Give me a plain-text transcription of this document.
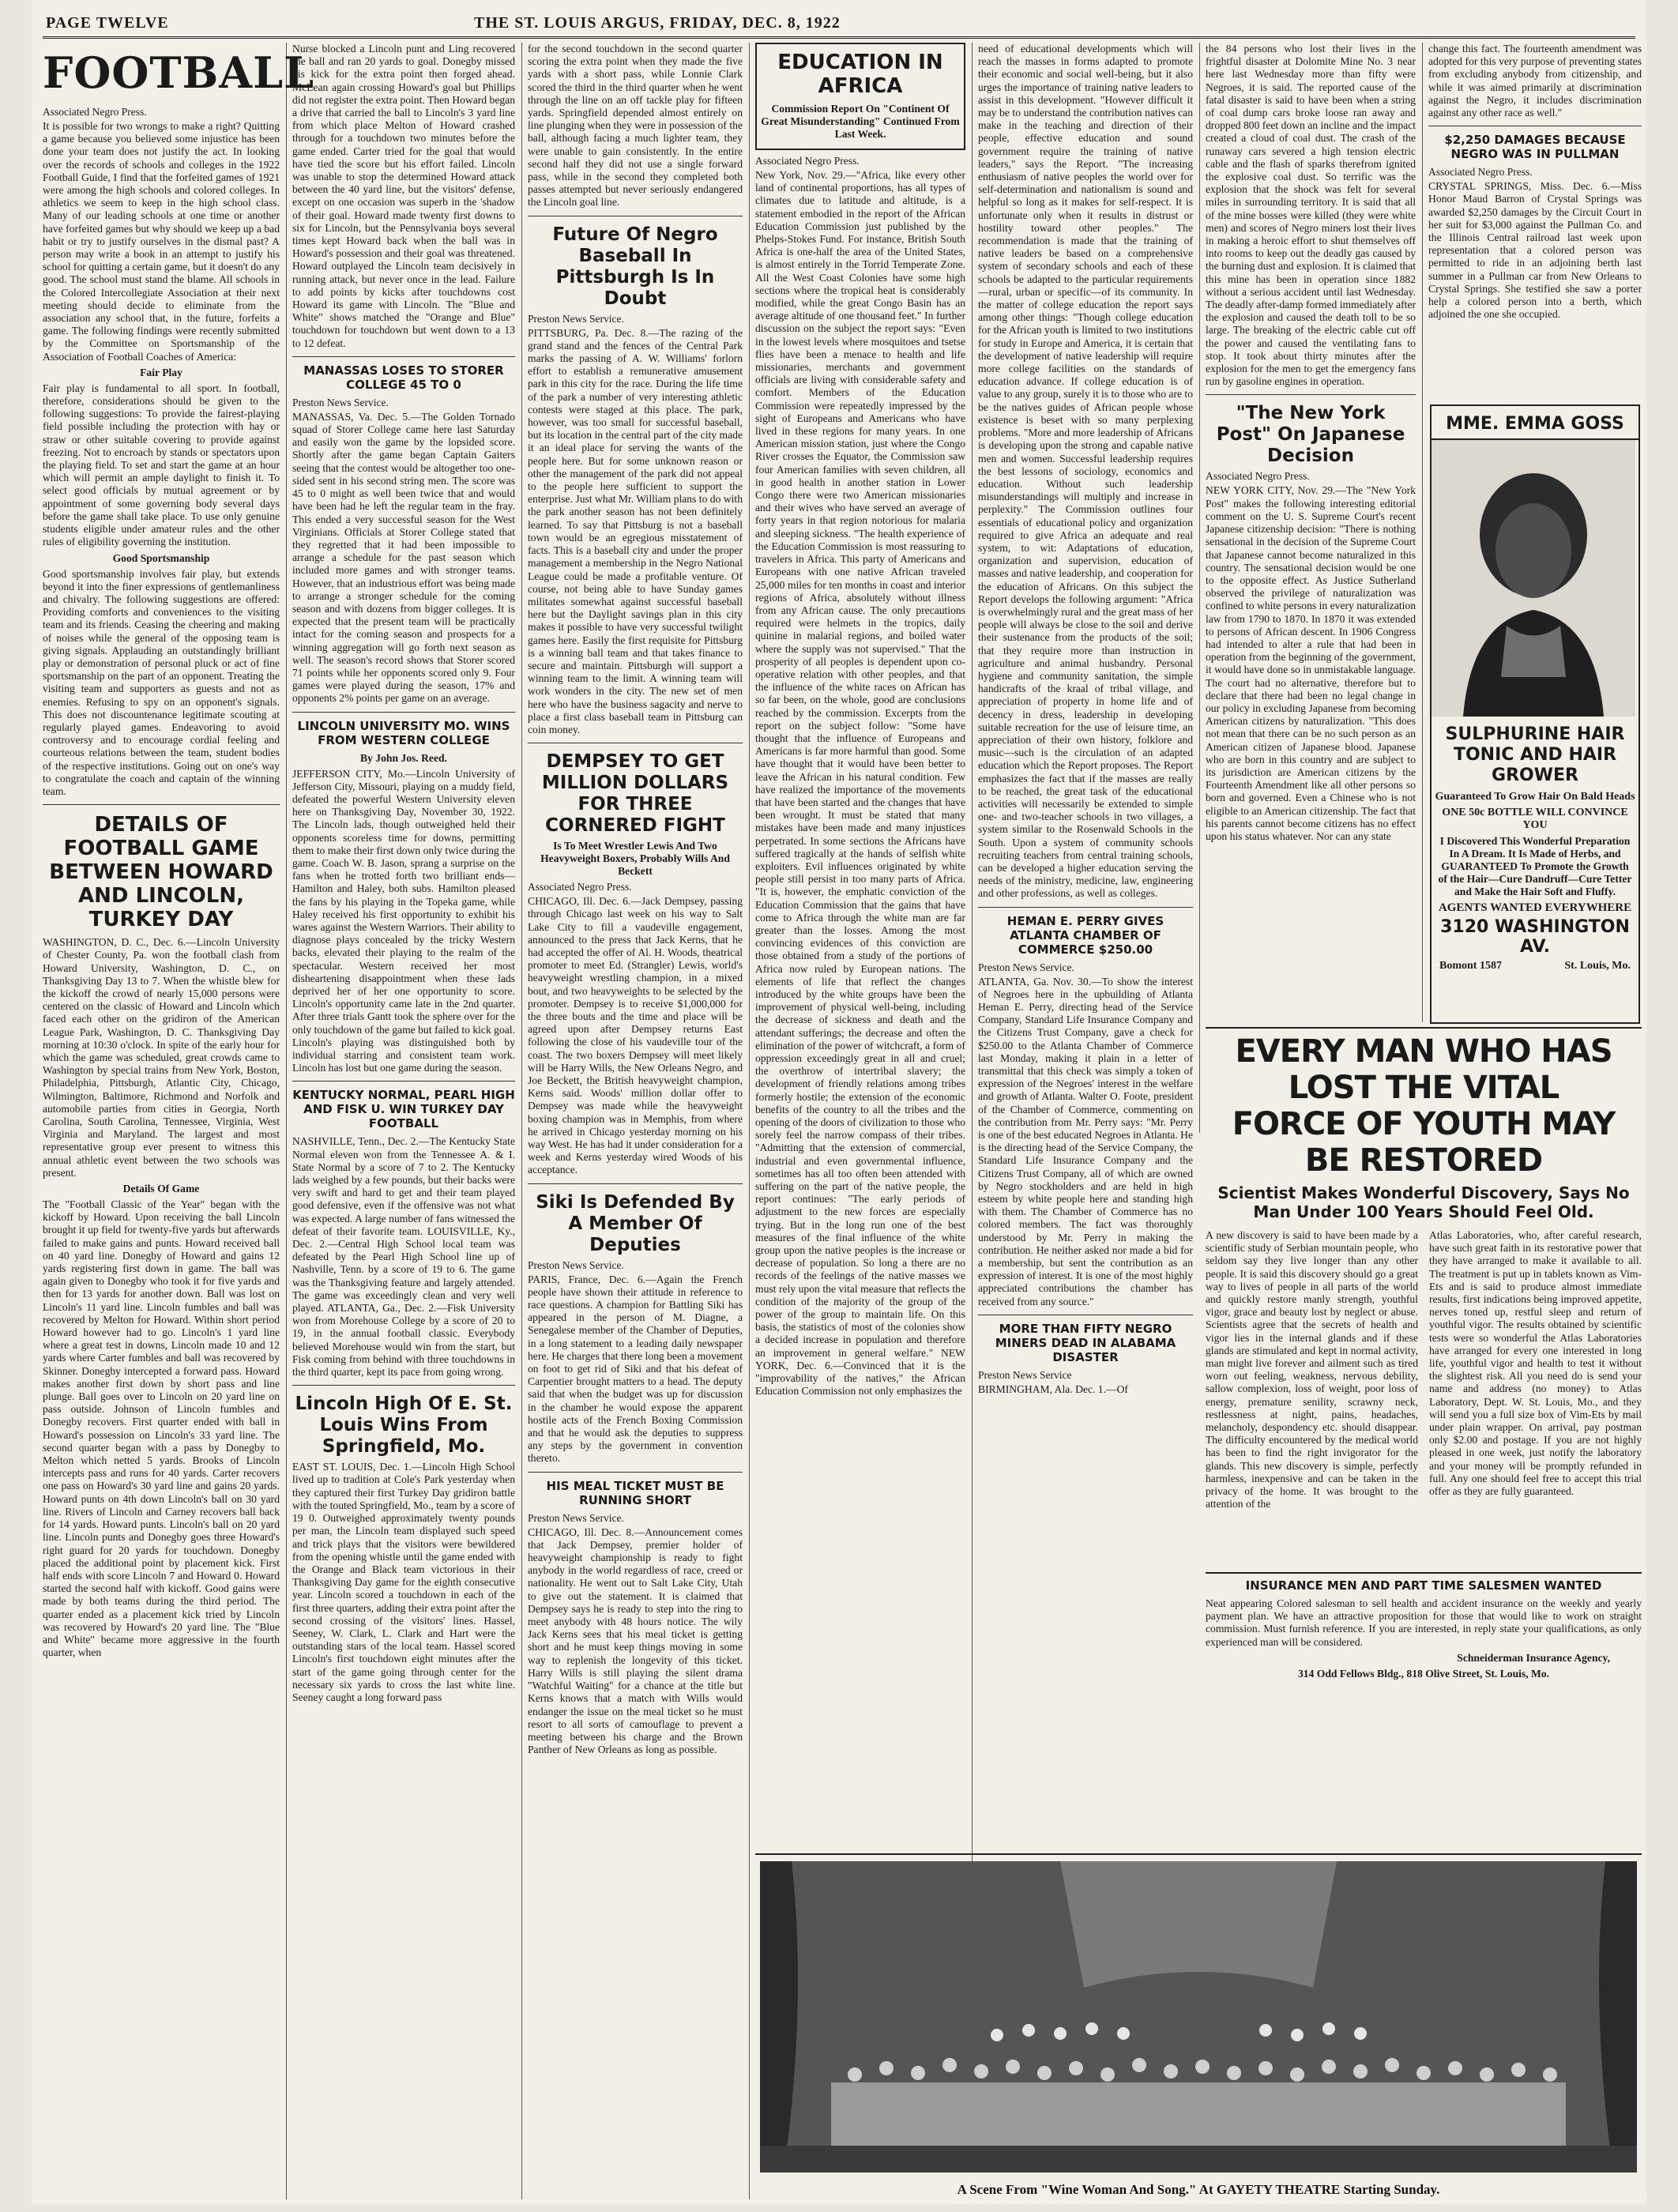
PAGE TWELVE	THE ST. LOUIS ARGUS, FRIDAY, DEC. 8, 1922
FOOTBALL
Associated Negro Press.
It is possible for two wrongs to make a right? Quitting a game because you believed some injustice has been done your team does not justify the act. In looking over the records of schools and colleges in the 1922 Football Guide, I find that the forfeited games of 1921 were among the high schools and colored colleges. In athletics we seem to keep in the high school class. Many of our leading schools at one time or another have forfeited games but why should we keep up a bad habit or try to justify ourselves in the dismal past? A person may write a book in an attempt to justify his school for quitting a certain game, but it doesn't do any good. The school must stand the blame. All schools in the Colored Intercollegiate Association at their next meeting should decide to eliminate from the association any school that, in the future, forfeits a game. The following findings were recently submitted by the Committee on Sportsmanship of the Association of Football Coaches of America:
Fair Play
Fair play is fundamental to all sport. In football, therefore, considerations should be given to the following suggestions: To provide the fairest-playing field possible including the protection with hay or straw or other suitable covering to provide against freezing. Not to encroach by stands or spectators upon the playing field. To set and start the game at an hour which will permit an ample daylight to finish it. To select good officials by mutual agreement or by appointment of some governing body several days before the game shall take place. To use only genuine students eligible under amateur rules and the other rules of eligibility governing the institution.
Good Sportsmanship
Good sportsmanship involves fair play, but extends beyond it into the finer expressions of gentlemanliness and chivalry. The following suggestions are offered: Providing comforts and conveniences to the visiting team and its friends. Ceasing the cheering and making of noises while the general of the opposing team is giving signals. Applauding an outstandingly brilliant play or demonstration of personal pluck or act of fine sportsmanship on the part of an opponent. Treating the visiting team and supporters as guests and not as enemies. Refusing to spy on an opponent's signals. This does not discountenance legitimate scouting at regularly played games. Endeavoring to avoid controversy and to encourage cordial feeling and courteous relations between the team, student bodies of the respective institutions. Going out on one's way to congratulate the coach and captain of the winning team.
DETAILS OF FOOTBALL GAME BETWEEN HOWARD AND LINCOLN, TURKEY DAY
WASHINGTON, D. C., Dec. 6.—Lincoln University of Chester County, Pa. won the football clash from Howard University, Washington, D. C., on Thanksgiving Day 13 to 7. When the whistle blew for the kickoff the crowd of nearly 15,000 persons were centered on the classic of Howard and Lincoln which faced each other on the gridiron of the American League Park, Washington, D. C. Thanksgiving Day morning at 10:30 o'clock. In spite of the early hour for which the game was scheduled, great crowds came to Washington by special trains from New York, Boston, Philadelphia, Pittsburgh, Atlantic City, Chicago, Wilmington, Baltimore, Richmond and Norfolk and automobile parties from cities in Georgia, North Carolina, South Carolina, Tennessee, Virginia, West Virginia and Maryland. The largest and most representative group ever present to witness this annual athletic event between the two schools was present.
Details Of Game
The "Football Classic of the Year" began with the kickoff by Howard. Upon receiving the ball Lincoln brought it up field for twenty-five yards but afterwards failed to make gains and punts. Howard received ball on 40 yard line. Donegby of Howard and gains 12 yards registering first down in game. The ball was again given to Donegby who took it for five yards and then for 13 yards for another down. Ball was lost on Lincoln's 11 yard line. Lincoln fumbles and ball was recovered by Melton for Howard. Within short period Howard however had to go. Lincoln's 1 yard line where a great test in downs, Lincoln made 10 and 12 yards where Carter fumbles and ball was recovered by Skinner. Donegby intercepted a forward pass. Howard makes another first down by short pass and line plunge. Ball goes over to Lincoln on 20 yard line on pass outside. Johnson of Lincoln fumbles and Donegby recovers. First quarter ended with ball in Howard's possession on Lincoln's 33 yard line. The second quarter began with a pass by Donegby to Melton which netted 5 yards. Brooks of Lincoln intercepts pass and runs for 40 yards. Carter recovers one pass on Howard's 30 yard line and gains 20 yards. Howard punts on 4th down Lincoln's ball on 30 yard line. Rivers of Lincoln and Carney recovers ball back for 14 yards. Howard punts. Lincoln's ball on 20 yard line. Lincoln punts and Donegby goes three Howard's right guard for 20 yards for touchdown. Donegby placed the additional point by placement kick. First half ends with score Lincoln 7 and Howard 0. Howard started the second half with kickoff. Good gains were made by both teams during the third period. The quarter ended as a placement kick tried by Lincoln was recovered by Howard's 20 yard line. The "Blue and White" became more aggressive in the fourth quarter, when
Nurse blocked a Lincoln punt and Ling recovered the ball and ran 20 yards to goal. Donegby missed his kick for the extra point then forged ahead. McLean again crossing Howard's goal but Phillips did not register the extra point. Then Howard began a drive that carried the ball to Lincoln's 3 yard line from which place Melton of Howard crashed through for a touchdown two minutes before the game ended. Carter tried for the goal that would have tied the score but his effort failed. Lincoln was unable to stop the determined Howard attack between the 40 yard line, but the visitors' defense, except on one occasion was superb in the 'shadow of their goal. Howard made twenty first downs to six for Lincoln, but the Pennsylvania boys several times kept Howard back when the ball was in Howard's possession and their goal was threatened. Howard outplayed the Lincoln team decisively in running attack, but never once in the lead. Failure to add points by kicks after touchdowns cost Howard its game with Lincoln. The "Blue and White" shows matched the "Orange and Blue" touchdown for touchdown but went down to a 13 to 12 defeat.
MANASSAS LOSES TO STORER COLLEGE 45 TO 0
Preston News Service.
MANASSAS, Va. Dec. 5.—The Golden Tornado squad of Storer College came here last Saturday and easily won the game by the lopsided score. Shortly after the game began Captain Gaiters seeing that the contest would be altogether too one-sided sent in his second string men. The score was 45 to 0 might as well been twice that and would have been had he left the regular team in the fray. This ended a very successful season for the West Virginians. Officials at Storer College stated that they regretted that it had been impossible to arrange a schedule for the past season which included more games and with stronger teams. However, that an industrious effort was being made to arrange a stronger schedule for the coming season and with dozens from bigger colleges. It is expected that the present team will be practically intact for the coming season and prospects for a winning aggregation will go forth next season as well. The season's record shows that Storer scored 71 points while her opponents scored only 9. Four games were played during the season, 17% and opponents 2% points per game on an average.
LINCOLN UNIVERSITY MO. WINS FROM WESTERN COLLEGE
By John Jos. Reed.
JEFFERSON CITY, Mo.—Lincoln University of Jefferson City, Missouri, playing on a muddy field, defeated the powerful Western University eleven here on Thanksgiving Day, November 30, 1922. The Lincoln lads, though outweighed held their opponents scoreless time for downs, permitting them to make their first down only twice during the game. Coach W. B. Jason, sprang a surprise on the fans when he trotted forth two brilliant ends—Hamilton and Haley, both subs. Hamilton pleased the fans by his playing in the Topeka game, while Haley received his first opportunity to exhibit his wares against the Western Warriors. Their ability to diagnose plays concealed by the tricky Western backs, elevated their playing to the realm of the spectacular. Western received her most disheartening disappointment when these lads deprived her of her one opportunity to score. Lincoln's opportunity came late in the 2nd quarter. After three trials Gantt took the sphere over for the only touchdown of the game but failed to kick goal. Lincoln's playing was distinguished both by individual starring and consistent team work. Lincoln has lost but one game during the season.
KENTUCKY NORMAL, PEARL HIGH AND FISK U. WIN TURKEY DAY FOOTBALL
NASHVILLE, Tenn., Dec. 2.—The Kentucky State Normal eleven won from the Tennessee A. & I. State Normal by a score of 7 to 2. The Kentucky lads weighed by a few pounds, but their backs were very swift and hard to get and their team played good defensive, even if the offensive was not what was expected. A large number of fans witnessed the defeat of their favorite team. LOUISVILLE, Ky., Dec. 2.—Central High School local team was defeated by the Pearl High School line up of Nashville, Tenn. by a score of 19 to 6. The game was the Thanksgiving feature and largely attended. The game was exceedingly clean and very well played. ATLANTA, Ga., Dec. 2.—Fisk University won from Morehouse College by a score of 20 to 19, in the annual football classic. Everybody believed Morehouse would win from the start, but Fisk coming from behind with three touchdowns in the third quarter, kept its pace from going wrong.
Lincoln High Of E. St. Louis Wins From Springfield, Mo.
EAST ST. LOUIS, Dec. 1.—Lincoln High School lived up to tradition at Cole's Park yesterday when they captured their first Turkey Day gridiron battle with the touted Springfield, Mo., team by a score of 19 0. Outweighed approximately twenty pounds per man, the Lincoln team displayed such speed and trick plays that the visitors were bewildered from the opening whistle until the game ended with the Orange and Black team victorious in their Thanksgiving Day game for the eighth consecutive year. Lincoln scored a touchdown in each of the first three quarters, adding their extra point after the second crossing of the visitors' lines. Hassel, Seeney, W. Clark, L. Clark and Hart were the outstanding stars of the local team. Hassel scored Lincoln's first touchdown eight minutes after the start of the game going through center for the necessary six yards to cross the last white line. Seeney caught a long forward pass
for the second touchdown in the second quarter scoring the extra point when they made the five yards with a short pass, while Lonnie Clark scored the third in the third quarter when he went through the line on an off tackle play for fifteen yards. Springfield depended almost entirely on line plunging when they were in possession of the ball, although facing a much lighter team, they were unable to gain consistently. In the entire second half they did not use a single forward pass, while in the second they completed both passes attempted but never seriously endangered the Lincoln goal line.
Future Of Negro Baseball In Pittsburgh Is In Doubt
Preston News Service.
PITTSBURG, Pa. Dec. 8.—The razing of the grand stand and the fences of the Central Park marks the passing of A. W. Williams' forlorn effort to establish a remunerative amusement park in this city for the race. During the life time of the park a number of very interesting athletic contests were staged at this place. The park, however, was too small for successful baseball, but its location in the central part of the city made it an ideal place for serving the wants of the people here. But for some unknown reason or other the management of the park did not appeal to the people here sufficient to support the enterprise. Just what Mr. William plans to do with the park another season has not been definitely learned. To say that Pittsburg is not a baseball town would be an egregious misstatement of facts. This is a baseball city and under the proper management a membership in the Negro National League could be made a profitable venture. Of course, not being able to have Sunday games militates somewhat against successful baseball here but the Daylight savings plan in this city makes it possible to have very successful twilight games here. Easily the first requisite for Pittsburg is a winning ball team and that takes finance to secure and maintain. Pittsburgh will support a winning team to the limit. A winning team will work wonders in the city. The new set of men here who have the business sagacity and nerve to place a first class baseball team in Pittsburg can coin money.
DEMPSEY TO GET MILLION DOLLARS FOR THREE CORNERED FIGHT
Is To Meet Wrestler Lewis And Two Heavyweight Boxers, Probably Wills And Beckett
Associated Negro Press.
CHICAGO, Ill. Dec. 6.—Jack Dempsey, passing through Chicago last week on his way to Salt Lake City to fill a vaudeville engagement, announced to the press that Jack Kerns, that he had accepted the offer of Al. H. Woods, theatrical promoter to meet Ed. (Strangler) Lewis, world's heavyweight wrestling champion, in a mixed bout, and two heavyweights to be selected by the promoter. Dempsey is to receive $1,000,000 for the three bouts and the time and place will be agreed upon after Dempsey returns East following the close of his vaudeville tour of the coast. The two boxers Dempsey will meet likely will be Harry Wills, the New Orleans Negro, and Joe Beckett, the British heavyweight champion, Kerns said. Woods' million dollar offer to Dempsey was made while the heavyweight boxing champion was in Memphis, from where he arrived in Chicago yesterday morning on his way West. He has had it under consideration for a week and Kerns yesterday wired Woods of his acceptance.
Siki Is Defended By A Member Of Deputies
Preston News Service.
PARIS, France, Dec. 6.—Again the French people have shown their attitude in reference to race questions. A champion for Battling Siki has appeared in the person of M. Diagne, a Senegalese member of the Chamber of Deputies, in a long statement to a leading daily newspaper here. He charges that there long been a movement on foot to get rid of Siki and that his defeat of Carpentier brought matters to a head. The deputy said that when the budget was up for discussion in the chamber he would expose the apparent hostile acts of the French Boxing Commission and that he would ask the deputies to suppress any steps by the government in convention thereto.
HIS MEAL TICKET MUST BE RUNNING SHORT
Preston News Service.
CHICAGO, Ill. Dec. 8.—Announcement comes that Jack Dempsey, premier holder of heavyweight championship is ready to fight anybody in the world regardless of race, creed or nationality. He went out to Salt Lake City, Utah to give out the statement. It is claimed that Dempsey says he is ready to step into the ring to meet anybody with 48 hours notice. The wily Jack Kerns sees that his meal ticket is getting short and he must keep things moving in some way to replenish the longevity of this ticket. Harry Wills is still playing the silent drama "Watchful Waiting" for a chance at the title but Kerns knows that a match with Wills would endanger the issue on the meal ticket so he must resort to all sorts of camouflage to prevent a meeting between his charge and the Brown Panther of New Orleans as long as possible.
EDUCATION IN AFRICA
Commission Report On "Continent Of Great Misunderstanding" Continued From Last Week.
Associated Negro Press.
New York, Nov. 29.—"Africa, like every other land of continental proportions, has all types of climates due to latitude and altitude, is a statement embodied in the report of the African Education Commission just published by the Phelps-Stokes Fund. For instance, British South Africa is one-half the area of the United States, is almost entirely in the Torrid Temperate Zone. All the West Coast Colonies have some high sections where the tropical heat is considerably modified, while the great Congo Basin has an average altitude of one thousand feet." In further discussion on the subject the report says: "Even in the lowest levels where mosquitoes and tsetse flies have been a menace to health and life missionaries, merchants and government officials are living with considerable safety and comfort. Members of the Education Commission were repeatedly impressed by the sight of Europeans and Americans who have lived in these regions for many years. In one American mission station, just where the Congo River crosses the Equator, the Commission saw four American families with seven children, all in good health in another station in Lower Congo there were two American missionaries and their wives who have served an average of forty years in that region notorious for malaria and sleeping sickness. "The health experience of the Education Commission is most reassuring to travelers in Africa. This party of Americans and Europeans with one native African traveled 25,000 miles for ten months in coast and interior regions of Africa, absolutely without illness from any African cause. The only precautions required were helmets in the tropics, daily quinine in malarial regions, and boiled water where the supply was not supervised." That the prosperity of all peoples is dependent upon co-operative relation with other peoples, and that the influence of the white races on African has so far been, on the whole, good are conclusions reached by the commission. Excerpts from the report on the subject follow: "Some have thought that the influence of Europeans and Americans is far more harmful than good. Some have thought that it would have been better to leave the African in his natural condition. Few have realized the importance of the movements that have been started and the changes that have been wrought. It must be stated that many mistakes have been made and many injustices perpetrated. In some sections the Africans have suffered tragically at the hands of selfish white exploiters. Evil influences originated by white people still persist in too many parts of Africa. "It is, however, the emphatic conviction of the Education Commission that the gains that have come to Africa through the white man are far greater than the losses. Among the most convincing evidences of this conviction are those obtained from a study of the portions of Africa now ruled by European nations. The elements of life that reflect the changes introduced by the white groups have been the improvement of physical well-being, including the decrease of sickness and death and the attendant sufferings; the decrease and often the elimination of the power of witchcraft, a form of oppression exceedingly great in all and cruel; the overthrow of intertribal slavery; the development of friendly relations among tribes formerly hostile; the extension of the economic benefits of the country to all the tribes and the opening of the doors of civilization to those who sorely feel the narrow compass of their tribes. "Admitting that the extension of commercial, industrial and even governmental influence, sometimes has all too often been attended with suffering on the part of the native people, the report continues: "The early periods of adjustment to the new forces are especially trying. But in the long run one of the best measures of the final influence of the white group upon the native peoples is the increase or decrease of population. So long a there are no records of the feelings of the native masses we must rely upon the vital measure that reflects the condition of the majority of the group of the power of the group to maintain life. On this basis, the statistics of most of the colonies show a decided increase in population and therefore an improvement in general welfare." NEW YORK, Dec. 6.—Convinced that it is the "improvability of the natives," the African Education Commission not only emphasizes the
need of educational developments which will reach the masses in forms adapted to promote their economic and social well-being, but it also urges the importance of training native leaders to assist in this development. "However difficult it may be to understand the contribution natives can make in the teaching and direction of their people, effective education and sound government require the training of native leaders," says the Report. "The increasing enthusiasm of native peoples the world over for self-determination and nationalism is sound and helpful so long as it makes for self-respect. It is unfortunate only when it results in distrust or hostility toward other peoples." The recommendation is made that the training of native leaders be based on a comprehensive system of secondary schools and each of these schools be adapted to the particular requirements—rural, urban or specific—of its community. In the matter of college education the report says among other things: "Though college education for the African youth is limited to two institutions for study in Europe and America, it is certain that the development of native leadership will require more college facilities on the standards of education advance. If college education is of value to any group, surely it is to those who are to be the natives guides of African people whose existence is beset with so many perplexing problems. "More and more leadership of Africans is developing upon the strong and capable native men and women. Successful leadership requires the best lessons of sociology, economics and education. Without such leadership misunderstandings will multiply and increase in perplexity." The Commission outlines four essentials of educational policy and organization required to give Africa an adequate and real system, to wit: Adaptations of education, organization and supervision, education of masses and native leadership, and cooperation for the education of Africans. On this subject the Report develops the following argument: "Africa is overwhelmingly rural and the great mass of her people will always be close to the soil and derive their sustenance from the products of the soil; that they require more than instruction in agriculture and animal husbandry. Personal hygiene and community sanitation, the simple handicrafts of the kraal of tribal village, and appreciation of property in home life and of decency in dress, leadership in developing suitable recreation for the use of leisure time, an appreciation of their own history, folklore and music—such is the circulation of an adapted education which the Report proposes. The Report emphasizes the fact that if the masses are really to be reached, the great task of the educational activities will necessarily be extended to simple one- and two-teacher schools in two villages, a system similar to the Rosenwald Schools in the South. Upon a system of community schools recruiting teachers from central training schools, can be developed a higher education serving the needs of the ministry, medicine, law, engineering and other professions, as well as colleges.
HEMAN E. PERRY GIVES ATLANTA CHAMBER OF COMMERCE $250.00
Preston News Service.
ATLANTA, Ga. Nov. 30.—To show the interest of Negroes here in the upbuilding of Atlanta Heman E. Perry, directing head of the Service Company, Standard Life Insurance Company and the Citizens Trust Company, gave a check for $250.00 to the Atlanta Chamber of Commerce last Monday, making it plain in a letter of transmittal that this check was simply a token of expression of the Negroes' interest in the welfare and growth of Atlanta. Walter O. Foote, president of the Chamber of Commerce, commenting on the contribution from Mr. Perry says: "Mr. Perry is one of the best educated Negroes in Atlanta. He is the directing head of the Service Company, the Standard Life Insurance Company and the Citizens Trust Company, all of which are owned by Negro stockholders and are held in high esteem by white people here and standing high with them. The Chamber of Commerce has no colored members. The fact was thoroughly understood by Mr. Perry in making the contribution. He neither asked nor made a bid for a membership, but sent the contribution as an expression of interest. It is one of the most highly appreciated contributions the chamber has received from any source."
MORE THAN FIFTY NEGRO MINERS DEAD IN ALABAMA DISASTER
Preston News Service
BIRMINGHAM, Ala. Dec. 1.—Of
the 84 persons who lost their lives in the frightful disaster at Dolomite Mine No. 3 near here last Wednesday more than fifty were Negroes, it is said. The reported cause of the fatal disaster is said to have been when a string of coal dump cars broke loose ran away and dropped 800 feet down an incline and the impact created a cloud of coal dust. The crash of the runaway cars severed a high tension electric cable and the flash of sparks therefrom ignited the explosive coal dust. So terrific was the explosion that the shock was felt for several miles in surrounding territory. It is said that all of the mine bosses were killed (they were white men) and scores of Negro miners lost their lives in making a heroic effort to shut themselves off into rooms to keep out the deadly gas caused by the burning dust and explosion. It is claimed that this mine has been in operation since 1882 without a serious accident until last Wednesday. The deadly after-damp formed immediately after the explosion and caused the death toll to be so large. The breaking of the electric cable cut off the power and caused the ventilating fans to stop. It took about thirty minutes after the explosion for the men to get the emergency fans run by gasoline engines in operation.
"The New York Post" On Japanese Decision
Associated Negro Press.
NEW YORK CITY, Nov. 29.—The "New York Post" makes the following interesting editorial comment on the U. S. Supreme Court's recent Japanese citizenship decision: "There is nothing sensational in the decision of the Supreme Court that Japanese cannot become naturalized in this country. The sensational decision would be one to the opposite effect. As Justice Sutherland observed the privilege of naturalization was confined to white persons in every naturalization law from 1790 to 1870. In 1870 it was extended to persons of African descent. In 1906 Congress had intended to alter a rule that had been in operation from the beginning of the government, it would have done so in unmistakable language. The court had no alternative, therefore but to declare that there had been no legal change in our policy in excluding Japanese from becoming American citizens by naturalization. "This does not mean that there can be no such person as an American citizen of Japanese blood. Japanese who are born in this country and are subject to its jurisdiction are American citizens by the Fourteenth Amendment like all other persons so born and governed. Even a Chinese who is not eligible to an American citizenship. The fact that his parents cannot become citizens has no effect upon his status whatever. Nor can any state
change this fact. The fourteenth amendment was adopted for this very purpose of preventing states from excluding anybody from citizenship, and while it was aimed primarily at discrimination against the Negro, it includes discrimination against any other race as well."
$2,250 DAMAGES BECAUSE NEGRO WAS IN PULLMAN
Associated Negro Press.
CRYSTAL SPRINGS, Miss. Dec. 6.—Miss Honor Maud Barron of Crystal Springs was awarded $2,250 damages by the Circuit Court in her suit for $3,000 against the Pullman Co. and the Illinois Central railroad last week upon representation that a colored person was permitted to ride in an adjoining berth last summer in a Pullman car from New Orleans to Crystal Springs. She testified she saw a porter help a colored person into a berth, which adjoined the one she occupied.
MME. EMMA GOSS
SULPHURINE HAIR TONIC AND HAIR GROWER
Guaranteed To Grow Hair On Bald Heads
ONE 50c BOTTLE WILL CONVINCE YOU
I Discovered This Wonderful Preparation In A Dream. It Is Made of Herbs, and GUARANTEED To Promote the Growth of the Hair—Cure Dandruff—Cure Tetter and Make the Hair Soft and Fluffy.
AGENTS WANTED EVERYWHERE
3120 WASHINGTON AV.
Bomont 1587	St. Louis, Mo.
EVERY MAN WHO HAS LOST THE VITAL
FORCE OF YOUTH MAY BE RESTORED
Scientist Makes Wonderful Discovery, Says No Man Under 100 Years Should Feel Old.
A new discovery is said to have been made by a scientific study of Serbian mountain people, who seldom say they live longer than any other people. It is said this discovery should go a great way to lives of people in all parts of the world and quickly restore manly strength, youthful vigor, grace and beauty lost by neglect or abuse. Scientists agree that the secrets of health and vigor lies in the internal glands and if these glands are stimulated and kept in normal activity, man might live forever and ailment such as tired worn out feeling, weakness, nervous debility, sallow complexion, loss of weight, poor loss of energy, premature senility, scrawny neck, restlessness at night, pains, headaches, melancholy, despondency etc. should disappear. The difficulty encountered by the medical world has been to find the right invigorator for the glands. This new discovery is simple, perfectly harmless, inexpensive and can be taken in the privacy of the home. It was brought to the attention of the
Atlas Laboratories, who, after careful research, have such great faith in its restorative power that they have arranged to make it available to all. The treatment is put up in tablets known as Vim-Ets and is said to produce almost immediate results, first indications being improved appetite, nerves toned up, restful sleep and return of youthful vigor. The results obtained by scientific tests were so wonderful the Atlas Laboratories have arranged for every one interested in long life, youthful vigor and health to test it without the slightest risk. All you need do is send your name and address (no money) to Atlas Laboratory, Dept. W. St. Louis, Mo., and they will send you a full size box of Vim-Ets by mail under plain wrapper. On arrival, pay postman only $2.00 and postage. If you are not highly pleased in one week, just notify the laboratory and your money will be promptly refunded in full. Any one should feel free to accept this trial offer as they are fully guaranteed.
INSURANCE MEN AND PART TIME SALESMEN WANTED
Neat appearing Colored salesman to sell health and accident insurance on the weekly and yearly payment plan. We have an attractive proposition for those that would like to work on straight commission. Must furnish reference. If you are interested, in reply state your qualifications, as only experienced man will be considered.
Schneiderman Insurance Agency,
314 Odd Fellows Bldg., 818 Olive Street, St. Louis, Mo.
A Scene From "Wine Woman And Song." At GAYETY THEATRE Starting Sunday.
